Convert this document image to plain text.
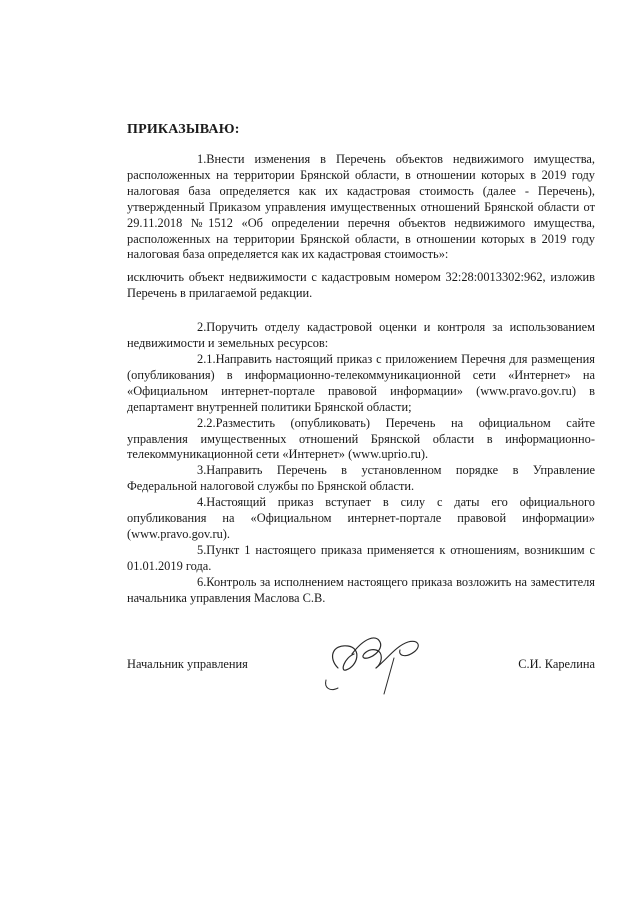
ПРИКАЗЫВАЮ:

1.Внести изменения в Перечень объектов недвижимого имущества, расположенных на территории Брянской области, в отношении которых в 2019 году налоговая база определяется как их кадастровая стоимость (далее - Перечень), утвержденный Приказом управления имущественных отношений Брянской области от 29.11.2018 №1512 «Об определении перечня объектов недвижимого имущества, расположенных на территории Брянской области, в отношении которых в 2019 году налоговая база определяется как их кадастровая стоимость»:

исключить объект недвижимости с кадастровым номером 32:28:0013302:962, изложив Перечень в прилагаемой редакции.

2.Поручить отделу кадастровой оценки и контроля за использованием недвижимости и земельных ресурсов:

2.1.Направить настоящий приказ с приложением Перечня для размещения (опубликования) в информационно-телекоммуникационной сети «Интернет» на «Официальном интернет-портале правовой информации» (www.pravo.gov.ru) в департамент внутренней политики Брянской области;

2.2.Разместить (опубликовать) Перечень на официальном сайте управления имущественных отношений Брянской области в информационно-телекоммуникационной сети «Интернет» (www.uprio.ru).

3.Направить Перечень в установленном порядке в Управление Федеральной налоговой службы по Брянской области.

4.Настоящий приказ вступает в силу с даты его официального опубликования на «Официальном интернет-портале правовой информации» (www.pravo.gov.ru).

5.Пункт 1 настоящего приказа применяется к отношениям, возникшим с 01.01.2019 года.

6.Контроль за исполнением настоящего приказа возложить на заместителя начальника управления Маслова С.В.

Начальник управления	С.И. Карелина
